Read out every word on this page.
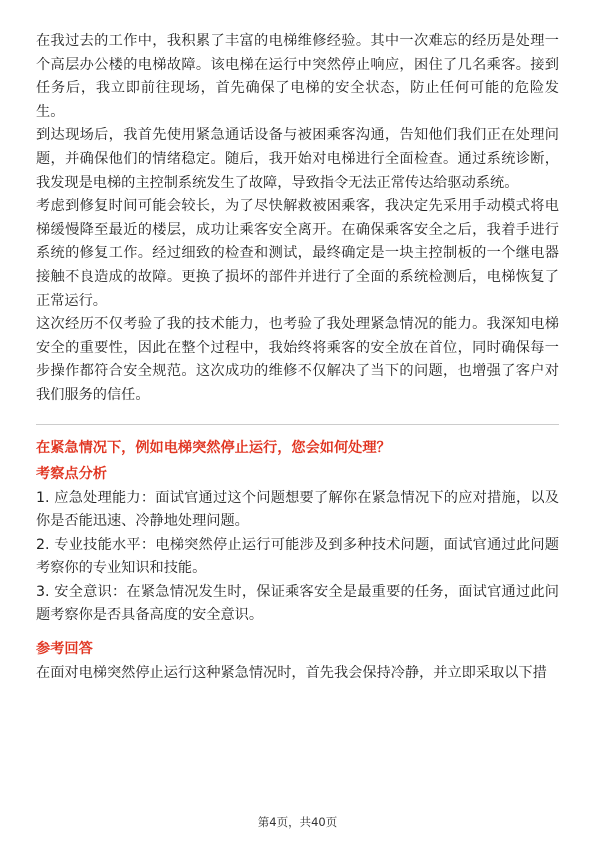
在我过去的工作中，我积累了丰富的电梯维修经验。其中一次难忘的经历是处理一个高层办公楼的电梯故障。该电梯在运行中突然停止响应，困住了几名乘客。接到任务后，我立即前往现场，首先确保了电梯的安全状态，防止任何可能的危险发生。

到达现场后，我首先使用紧急通话设备与被困乘客沟通，告知他们我们正在处理问题，并确保他们的情绪稳定。随后，我开始对电梯进行全面检查。通过系统诊断，我发现是电梯的主控制系统发生了故障，导致指令无法正常传达给驱动系统。

考虑到修复时间可能会较长，为了尽快解救被困乘客，我决定先采用手动模式将电梯缓慢降至最近的楼层，成功让乘客安全离开。在确保乘客安全之后，我着手进行系统的修复工作。经过细致的检查和测试，最终确定是一块主控制板的一个继电器接触不良造成的故障。更换了损坏的部件并进行了全面的系统检测后，电梯恢复了正常运行。

这次经历不仅考验了我的技术能力，也考验了我处理紧急情况的能力。我深知电梯安全的重要性，因此在整个过程中，我始终将乘客的安全放在首位，同时确保每一步操作都符合安全规范。这次成功的维修不仅解决了当下的问题，也增强了客户对我们服务的信任。

在紧急情况下，例如电梯突然停止运行，您会如何处理？

考察点分析

1. 应急处理能力：面试官通过这个问题想要了解你在紧急情况下的应对措施，以及你是否能迅速、冷静地处理问题。

2. 专业技能水平：电梯突然停止运行可能涉及到多种技术问题，面试官通过此问题考察你的专业知识和技能。

3. 安全意识：在紧急情况发生时，保证乘客安全是最重要的任务，面试官通过此问题考察你是否具备高度的安全意识。

参考回答

在面对电梯突然停止运行这种紧急情况时，首先我会保持冷静，并立即采取以下措

第4页，共40页
